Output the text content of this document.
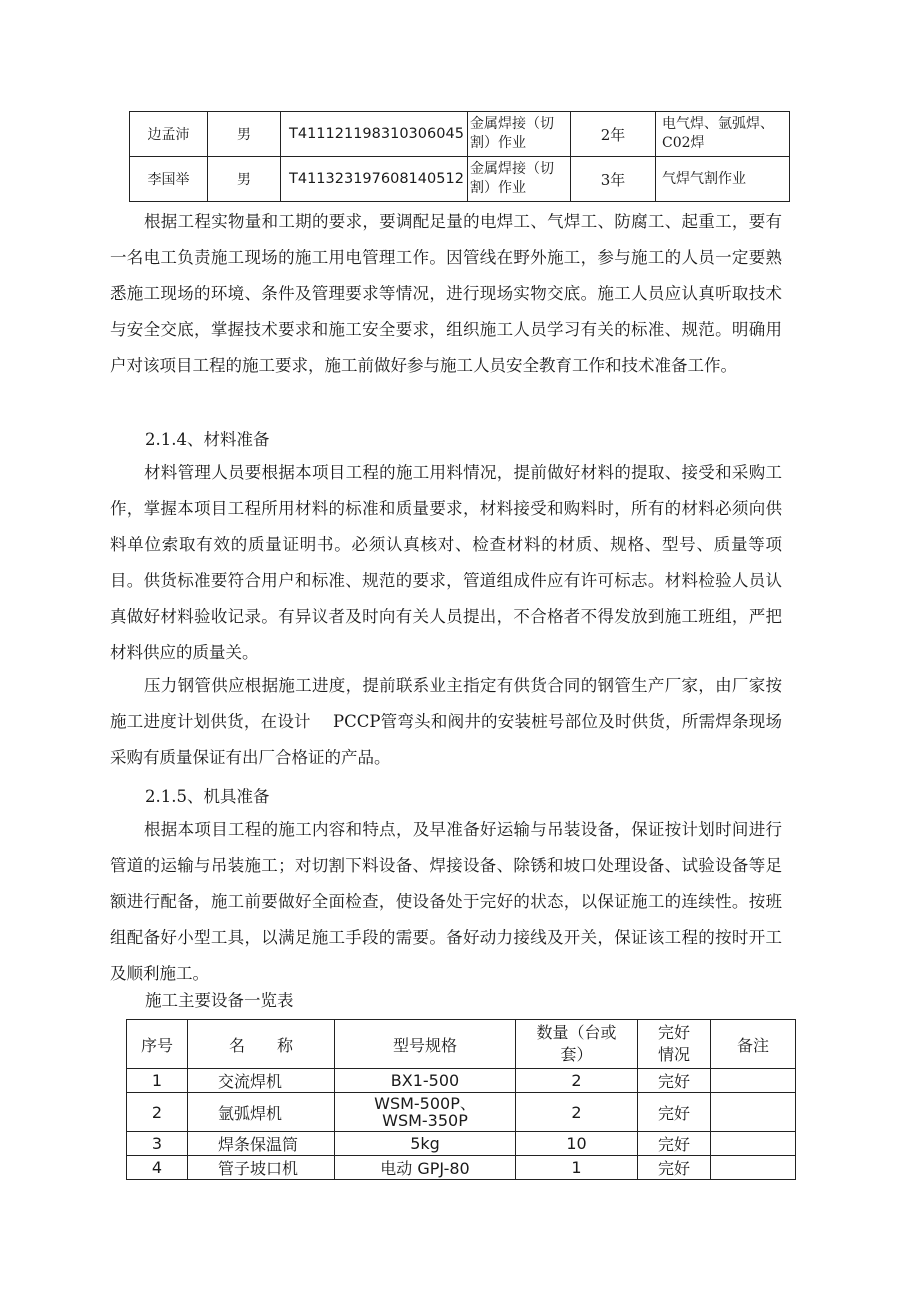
边孟沛	男	T411121198310306045	金属焊接（切割）作业	2年	电气焊、氩弧焊、C02焊
李国举	男	T411323197608140512	金属焊接（切割）作业	3年	气焊气割作业

根据工程实物量和工期的要求，要调配足量的电焊工、气焊工、防腐工、起重工，要有一名电工负责施工现场的施工用电管理工作。因管线在野外施工，参与施工的人员一定要熟悉施工现场的环境、条件及管理要求等情况，进行现场实物交底。施工人员应认真听取技术与安全交底，掌握技术要求和施工安全要求，组织施工人员学习有关的标准、规范。明确用户对该项目工程的施工要求，施工前做好参与施工人员安全教育工作和技术准备工作。

2.1.4、材料准备

材料管理人员要根据本项目工程的施工用料情况，提前做好材料的提取、接受和采购工作，掌握本项目工程所用材料的标准和质量要求，材料接受和购料时，所有的材料必须向供料单位索取有效的质量证明书。必须认真核对、检查材料的材质、规格、型号、质量等项目。供货标准要符合用户和标准、规范的要求，管道组成件应有许可标志。材料检验人员认真做好材料验收记录。有异议者及时向有关人员提出，不合格者不得发放到施工班组，严把材料供应的质量关。

压力钢管供应根据施工进度，提前联系业主指定有供货合同的钢管生产厂家，由厂家按施工进度计划供货，在设计　 PCCP管弯头和阀井的安装桩号部位及时供货，所需焊条现场采购有质量保证有出厂合格证的产品。

2.1.5、机具准备

根据本项目工程的施工内容和特点，及早准备好运输与吊装设备，保证按计划时间进行管道的运输与吊装施工；对切割下料设备、焊接设备、除锈和坡口处理设备、试验设备等足额进行配备，施工前要做好全面检查，使设备处于完好的状态，以保证施工的连续性。按班组配备好小型工具，以满足施工手段的需要。备好动力接线及开关，保证该工程的按时开工及顺利施工。

施工主要设备一览表

序号	名　　称	型号规格	数量（台或套）	完好情况	备注
1	交流焊机	BX1-500	2	完好	
2	氩弧焊机	WSM-500P、WSM-350P	2	完好	
3	焊条保温筒	5kg	10	完好	
4	管子坡口机	电动 GPJ-80	1	完好	
